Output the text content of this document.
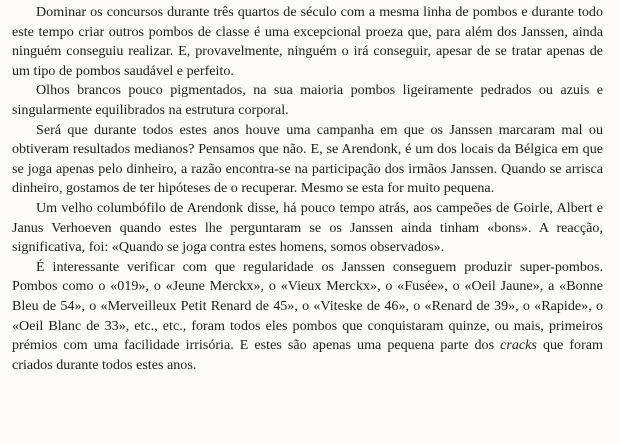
Dominar os concursos durante três quartos de século com a mesma linha de pombos e durante todo este tempo criar outros pombos de classe é uma excepcional proeza que, para além dos Janssen, ainda ninguém conseguiu realizar. E, provavelmente, ninguém o irá conseguir, apesar de se tratar apenas de um tipo de pombos saudável e perfeito.

Olhos brancos pouco pigmentados, na sua maioria pombos ligeiramente pedrados ou azuis e singularmente equilibrados na estrutura corporal.

Será que durante todos estes anos houve uma campanha em que os Janssen marcaram mal ou obtiveram resultados medianos? Pensamos que não. E, se Arendonk, é um dos locais da Bélgica em que se joga apenas pelo dinheiro, a razão encontra-se na participação dos irmãos Janssen. Quando se arrisca dinheiro, gostamos de ter hipóteses de o recuperar. Mesmo se esta for muito pequena.

Um velho columbófilo de Arendonk disse, há pouco tempo atrás, aos campeões de Goirle, Albert e Janus Verhoeven quando estes lhe perguntaram se os Janssen ainda tinham «bons». A reacção, significativa, foi: «Quando se joga contra estes homens, somos observados».

É interessante verificar com que regularidade os Janssen conseguem produzir super-pombos. Pombos como o «019», o «Jeune Merckx», o «Vieux Merckx», o «Fusée», o «Oeil Jaune», a «Bonne Bleu de 54», o «Merveilleux Petit Renard de 45», o «Viteske de 46», o «Renard de 39», o «Rapide», o «Oeil Blanc de 33», etc., etc., foram todos eles pombos que conquistaram quinze, ou mais, primeiros prémios com uma facilidade irrisória. E estes são apenas uma pequena parte dos cracks que foram criados durante todos estes anos.
